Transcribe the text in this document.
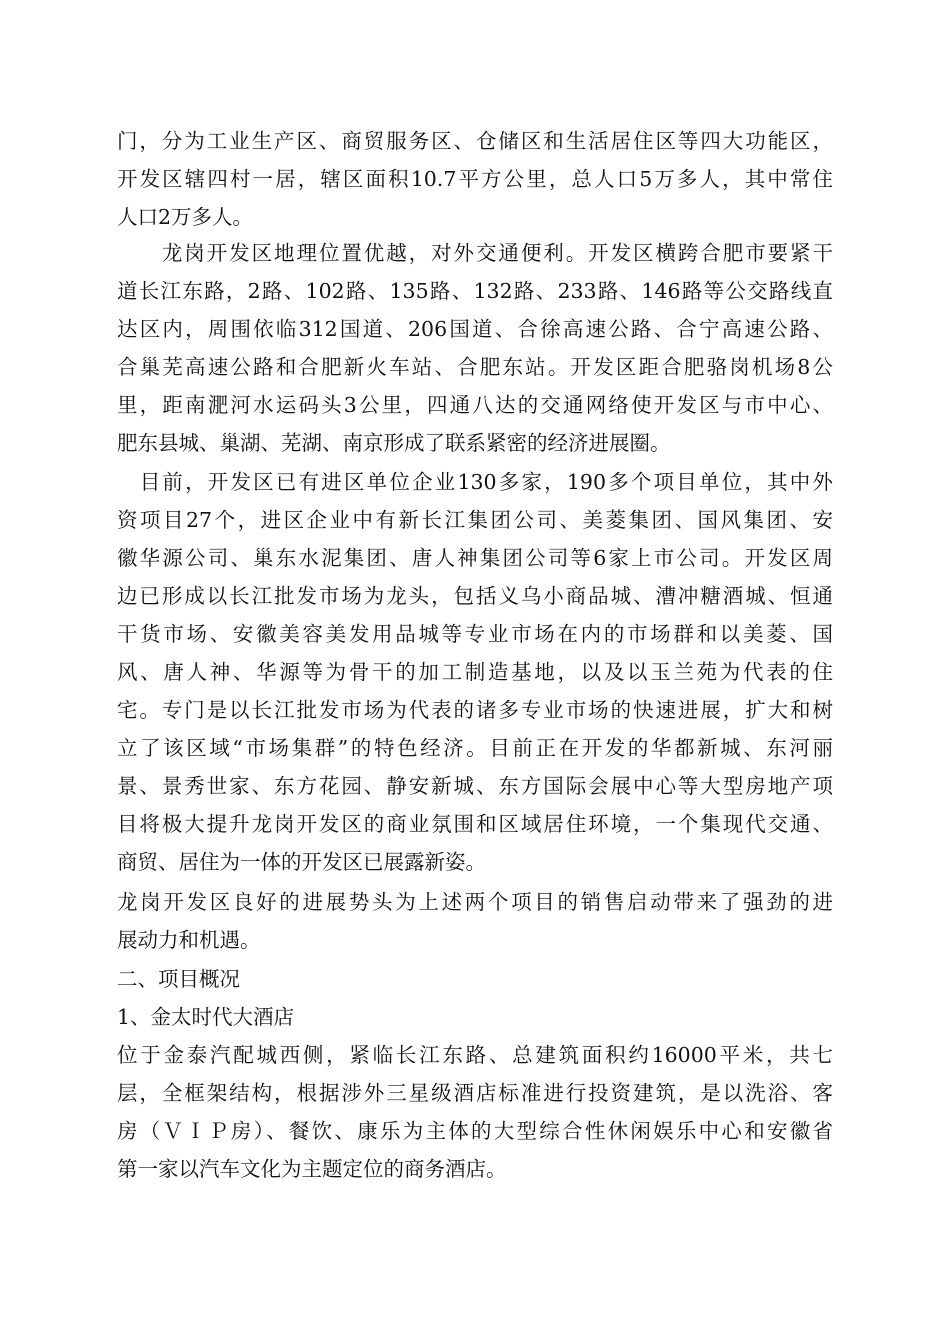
门，分为工业生产区、商贸服务区、仓储区和生活居住区等四大功能区，
开发区辖四村一居，辖区面积10.7平方公里，总人口5万多人，其中常住
人口2万多人。
　　龙岗开发区地理位置优越，对外交通便利。开发区横跨合肥市要紧干
道长江东路，2路、102路、135路、132路、233路、146路等公交路线直
达区内，周围依临312国道、206国道、合徐高速公路、合宁高速公路、
合巢芜高速公路和合肥新火车站、合肥东站。开发区距合肥骆岗机场8公
里，距南淝河水运码头3公里，四通八达的交通网络使开发区与市中心、
肥东县城、巢湖、芜湖、南京形成了联系紧密的经济进展圈。
　目前，开发区已有进区单位企业130多家，190多个项目单位，其中外
资项目27个，进区企业中有新长江集团公司、美菱集团、国风集团、安
徽华源公司、巢东水泥集团、唐人神集团公司等6家上市公司。开发区周
边已形成以长江批发市场为龙头，包括义乌小商品城、漕冲糖酒城、恒通
干货市场、安徽美容美发用品城等专业市场在内的市场群和以美菱、国
风、唐人神、华源等为骨干的加工制造基地，以及以玉兰苑为代表的住
宅。专门是以长江批发市场为代表的诸多专业市场的快速进展，扩大和树
立了该区域“市场集群”的特色经济。目前正在开发的华都新城、东河丽
景、景秀世家、东方花园、静安新城、东方国际会展中心等大型房地产项
目将极大提升龙岗开发区的商业氛围和区域居住环境，一个集现代交通、
商贸、居住为一体的开发区已展露新姿。
龙岗开发区良好的进展势头为上述两个项目的销售启动带来了强劲的进
展动力和机遇。
二、项目概况
1、金太时代大酒店
位于金泰汽配城西侧，紧临长江东路、总建筑面积约16000平米，共七
层，全框架结构，根据涉外三星级酒店标准进行投资建筑，是以洗浴、客
房（ＶＩＰ房）、餐饮、康乐为主体的大型综合性休闲娱乐中心和安徽省
第一家以汽车文化为主题定位的商务酒店。
